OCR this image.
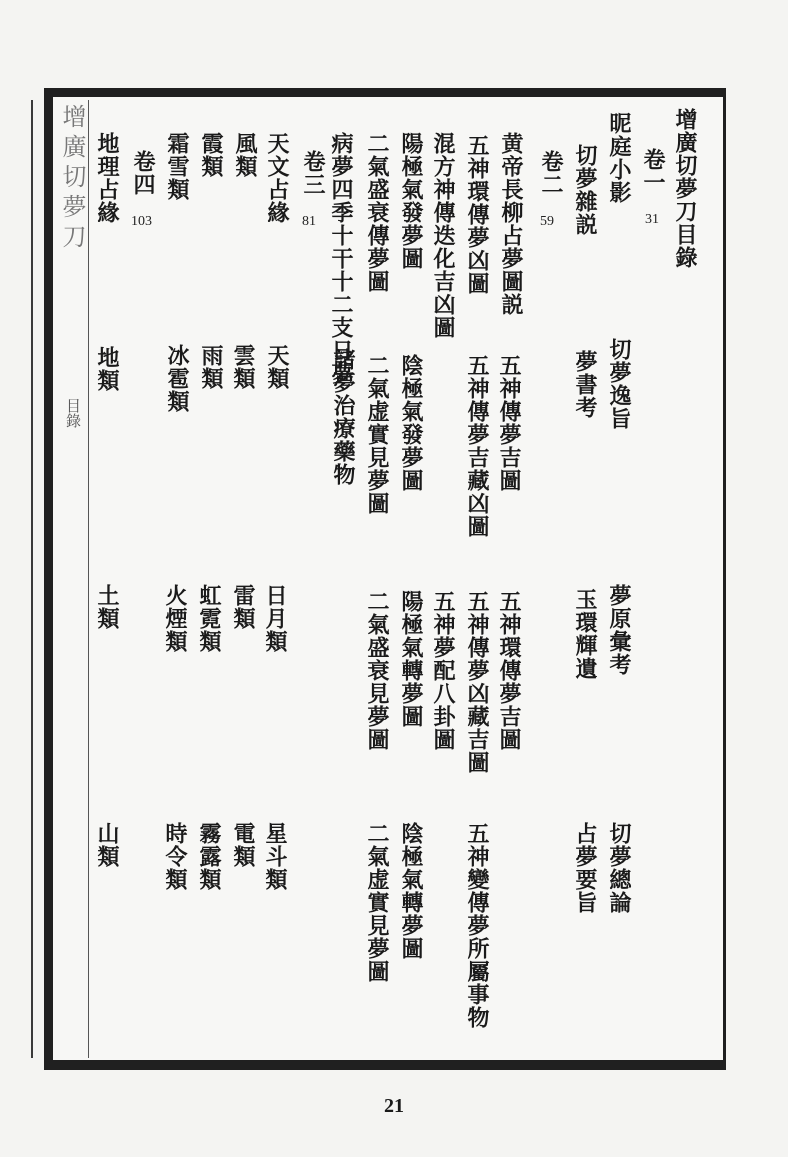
增廣切夢刀
目錄
增廣切夢刀目錄
卷一
31
昵庭小影
切夢雜説
切夢逸旨
夢書考
夢原彙考
玉環輝遺
切夢總論
占夢要旨
卷二
59
黄帝長柳占夢圖説
五神環傳夢凶圖
五神傳夢吉圖
混方神傳迭化吉凶圖
陽極氣發夢圖
陰極氣發夢圖
二氣盛衰傳夢圖
二氣虚實見夢圖	五神傳夢吉藏凶圖
五神環傳夢吉圖
五神傳夢凶藏吉圖
五神夢配八卦圖
陽極氣轉夢圖
二氣盛衰見夢圖
五神變傳夢所屬事物
陰極氣轉夢圖
二氣虚實見夢圖
病夢四季十干十二支日夢
卷三
81
諸夢治療藥物
天文占緣
天類
日月類
星斗類
風類
雲類
雷類
電類
霞類
雨類
虹霓類
霧露類
霜雪類
冰雹類
火煙類
時令類
卷四
103
地理占緣
地類
土類
山類
21
